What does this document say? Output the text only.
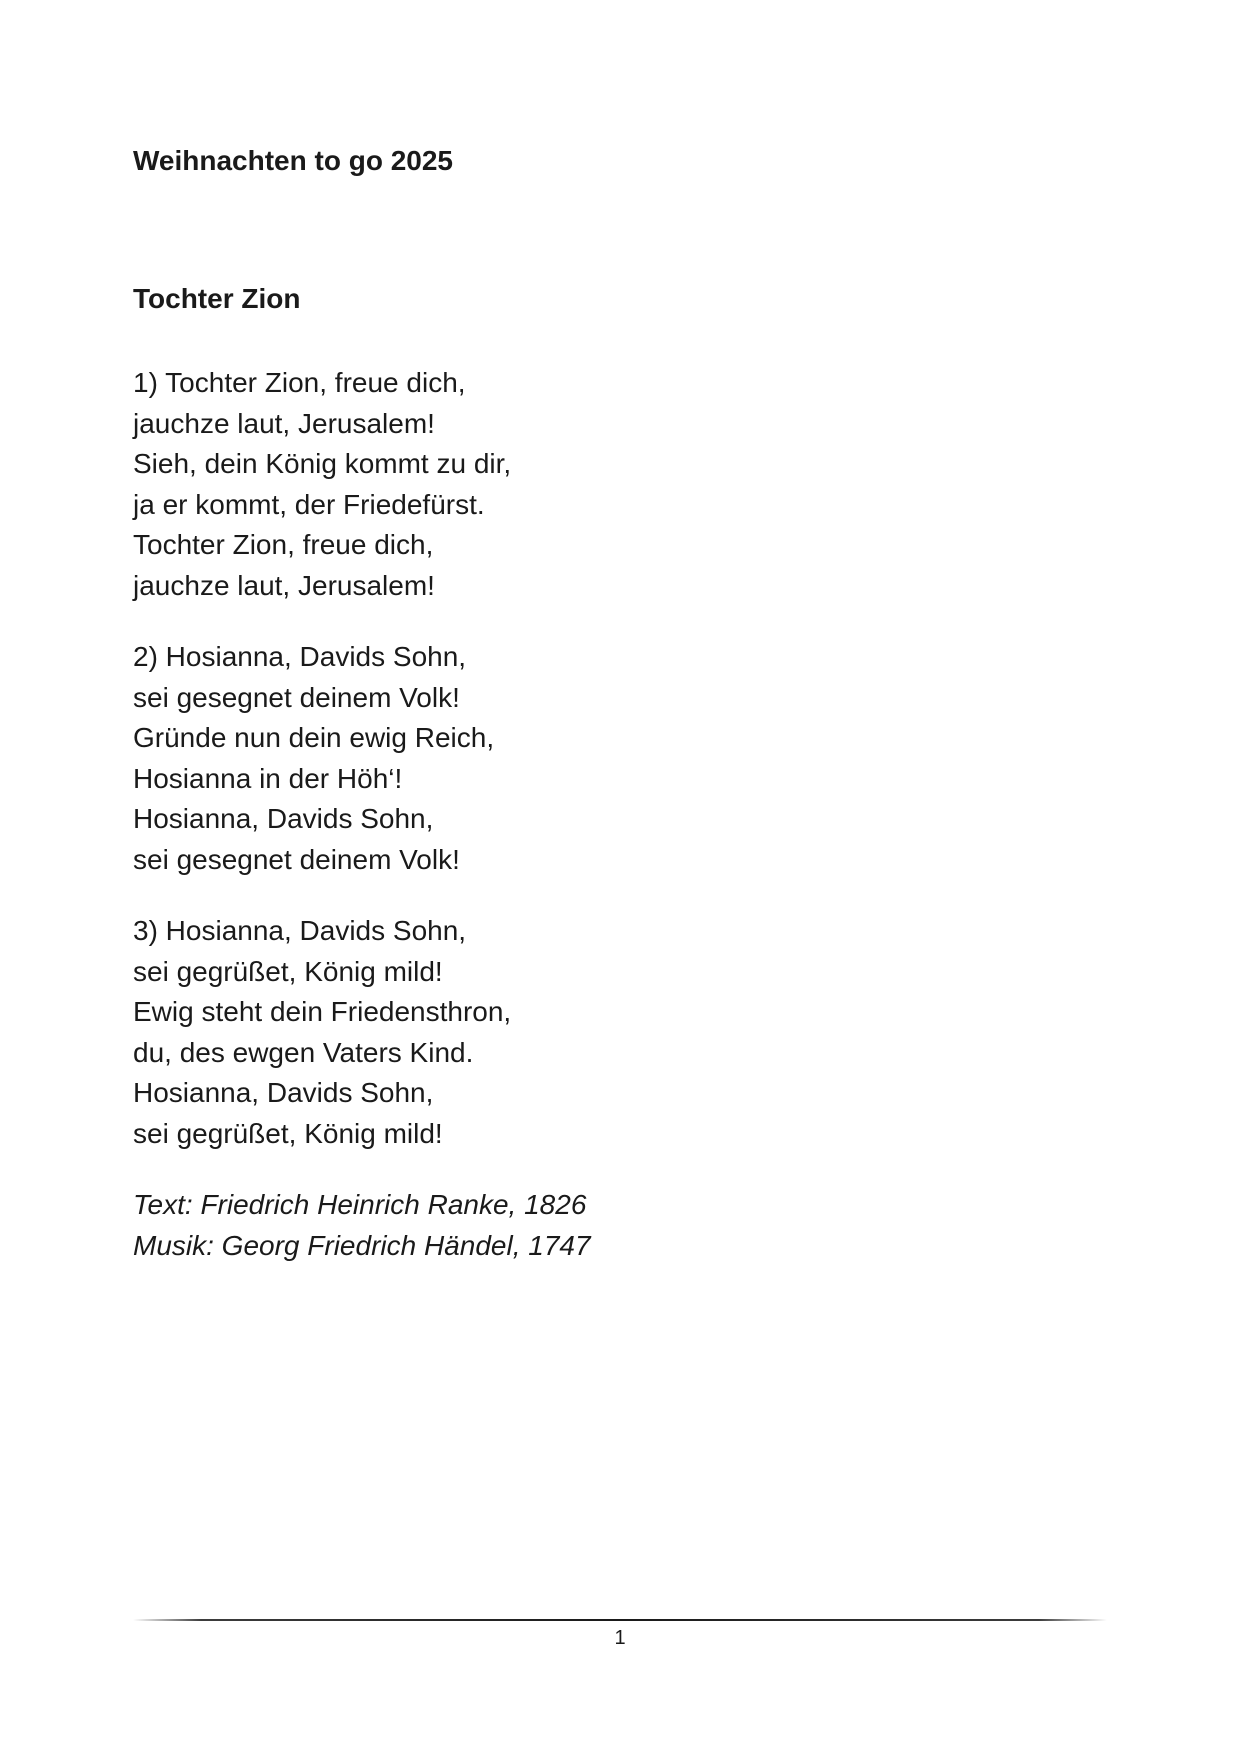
Weihnachten to go 2025
Tochter Zion
1) Tochter Zion, freue dich,
jauchze laut, Jerusalem!
Sieh, dein König kommt zu dir,
ja er kommt, der Friedefürst.
Tochter Zion, freue dich,
jauchze laut, Jerusalem!
2) Hosianna, Davids Sohn,
sei gesegnet deinem Volk!
Gründe nun dein ewig Reich,
Hosianna in der Höh‘!
Hosianna, Davids Sohn,
sei gesegnet deinem Volk!
3) Hosianna, Davids Sohn,
sei gegrüßet, König mild!
Ewig steht dein Friedensthron,
du, des ewgen Vaters Kind.
Hosianna, Davids Sohn,
sei gegrüßet, König mild!
Text: Friedrich Heinrich Ranke, 1826
Musik: Georg Friedrich Händel, 1747
1
